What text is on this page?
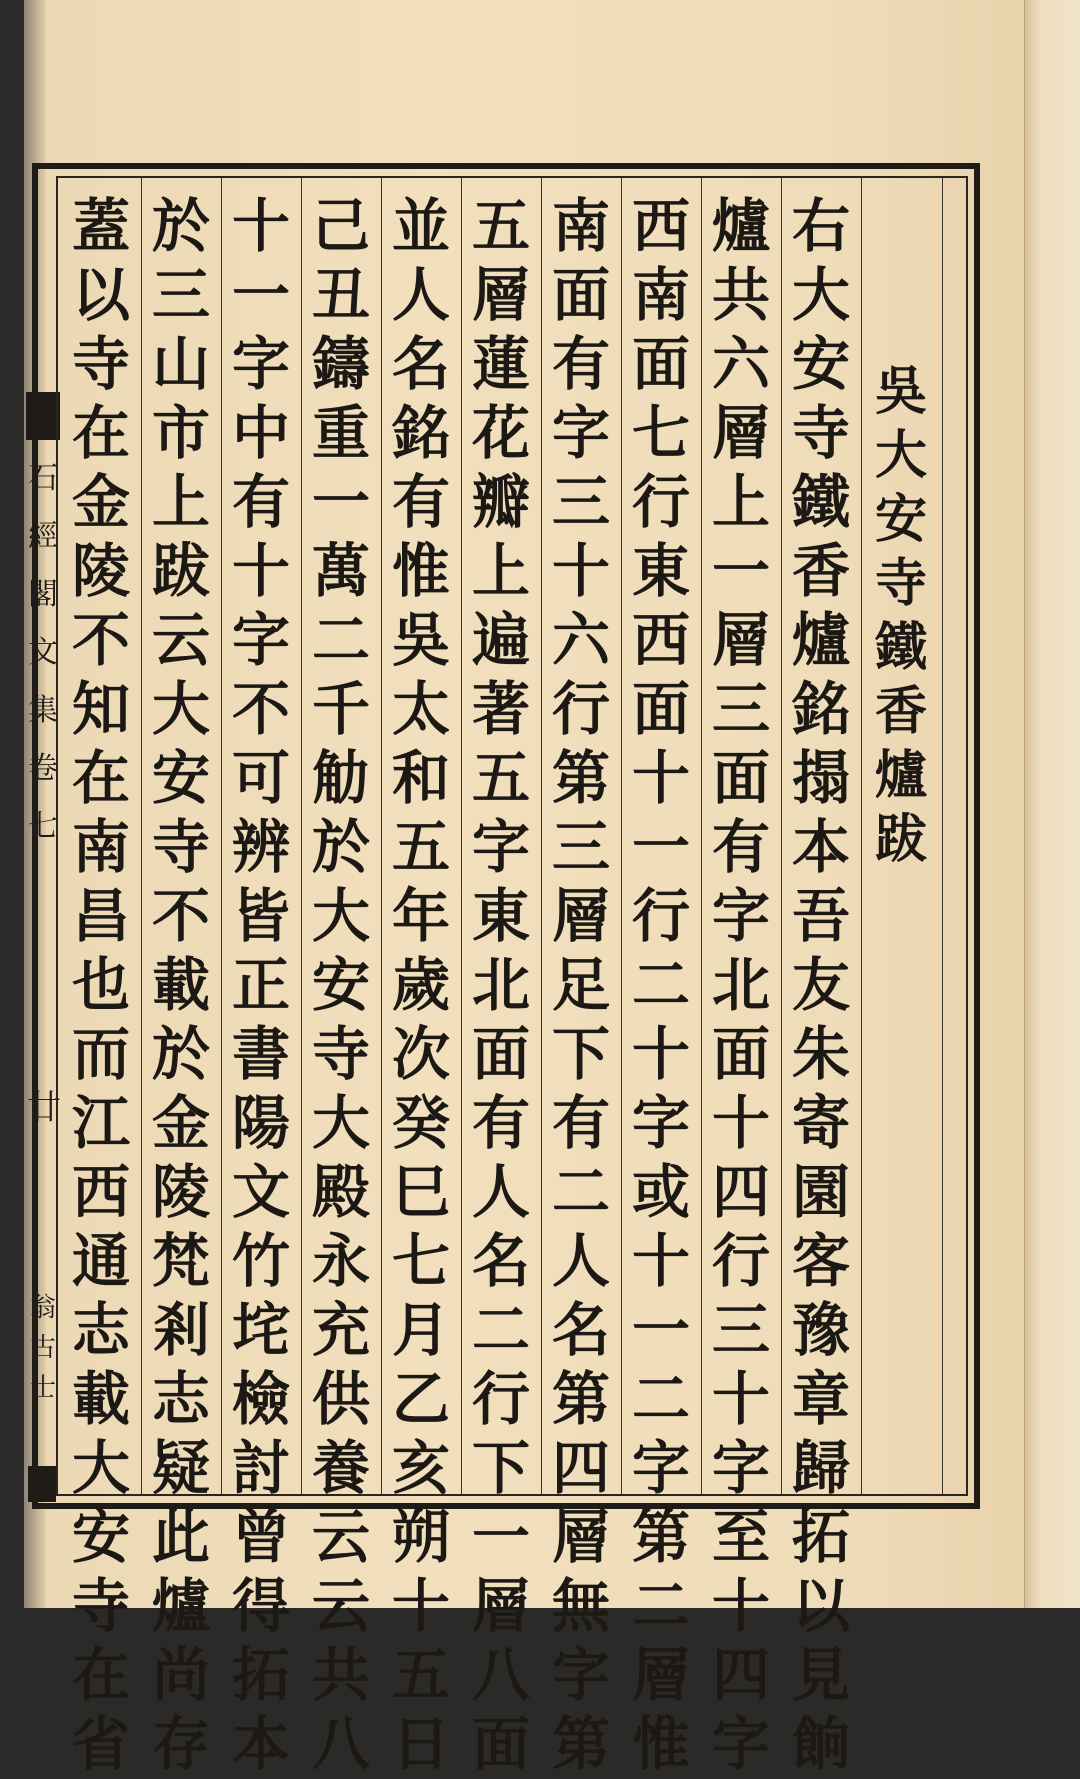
石經閣文集卷七
廿
翁古士
吳大安寺鐵香爐跋
右大安寺鐵香爐銘搨本吾友朱寄園客豫章歸拓以見餉
爐共六層上一層三面有字北面十四行三十字至十四字
西南面七行東西面十一行二十字或十一二字第二層惟
南面有字三十六行第三層足下有二人名第四層無字第
五層蓮花瓣上遍著五字東北面有人名二行下一層八面
並人名銘有惟吳太和五年歲次癸巳七月乙亥朔十五日
己丑鑄重一萬二千觔於大安寺大殿永充供養云云共八
十一字中有十字不可辨皆正書陽文竹垞檢討曾得拓本
於三山市上跋云大安寺不載於金陵梵剎志疑此爐尚存
蓋以寺在金陵不知在南昌也而江西通志載大安寺在省
